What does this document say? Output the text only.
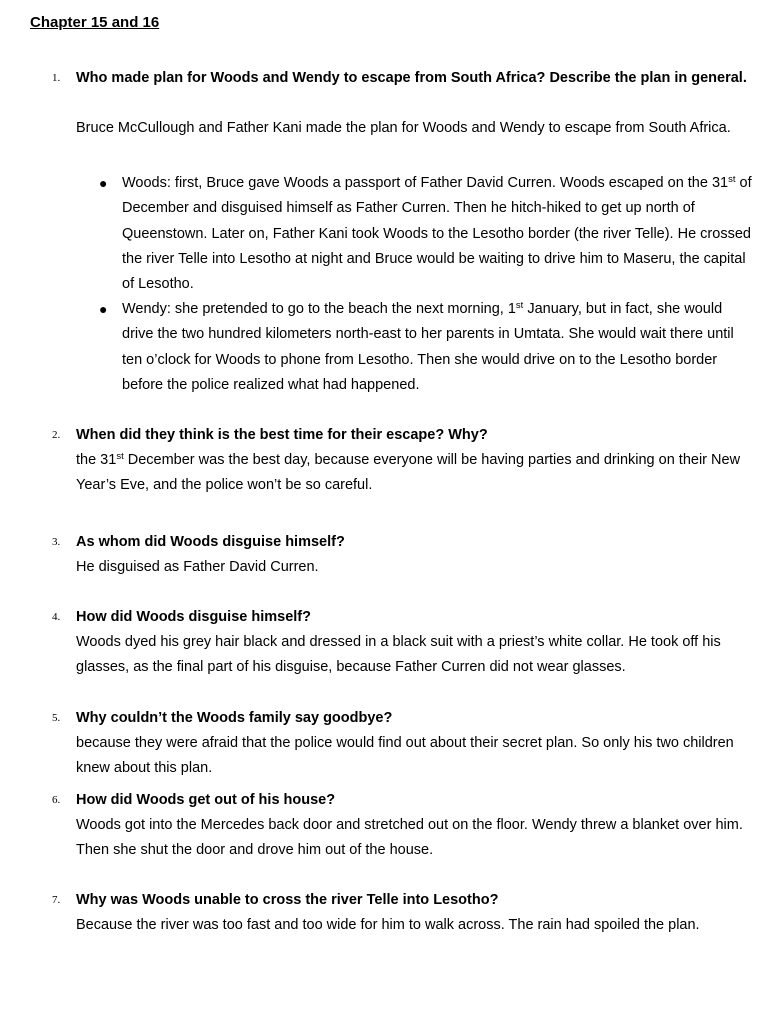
Chapter 15 and 16
1. Who made plan for Woods and Wendy to escape from South Africa? Describe the plan in general.
Bruce McCullough and Father Kani made the plan for Woods and Wendy to escape from South Africa.
● Woods: first, Bruce gave Woods a passport of Father David Curren. Woods escaped on the 31st of December and disguised himself as Father Curren. Then he hitch-hiked to get up north of Queenstown. Later on, Father Kani took Woods to the Lesotho border (the river Telle). He crossed the river Telle into Lesotho at night and Bruce would be waiting to drive him to Maseru, the capital of Lesotho.
● Wendy: she pretended to go to the beach the next morning, 1st January, but in fact, she would drive the two hundred kilometers north-east to her parents in Umtata. She would wait there until ten o’clock for Woods to phone from Lesotho. Then she would drive on to the Lesotho border before the police realized what had happened.
2. When did they think is the best time for their escape? Why?
the 31st December was the best day, because everyone will be having parties and drinking on their New Year’s Eve, and the police won’t be so careful.
3. As whom did Woods disguise himself?
He disguised as Father David Curren.
4. How did Woods disguise himself?
Woods dyed his grey hair black and dressed in a black suit with a priest’s white collar. He took off his glasses, as the final part of his disguise, because Father Curren did not wear glasses.
5. Why couldn’t the Woods family say goodbye?
because they were afraid that the police would find out about their secret plan. So only his two children knew about this plan.
6. How did Woods get out of his house?
Woods got into the Mercedes back door and stretched out on the floor. Wendy threw a blanket over him. Then she shut the door and drove him out of the house.
7. Why was Woods unable to cross the river Telle into Lesotho?
Because the river was too fast and too wide for him to walk across. The rain had spoiled the plan.
